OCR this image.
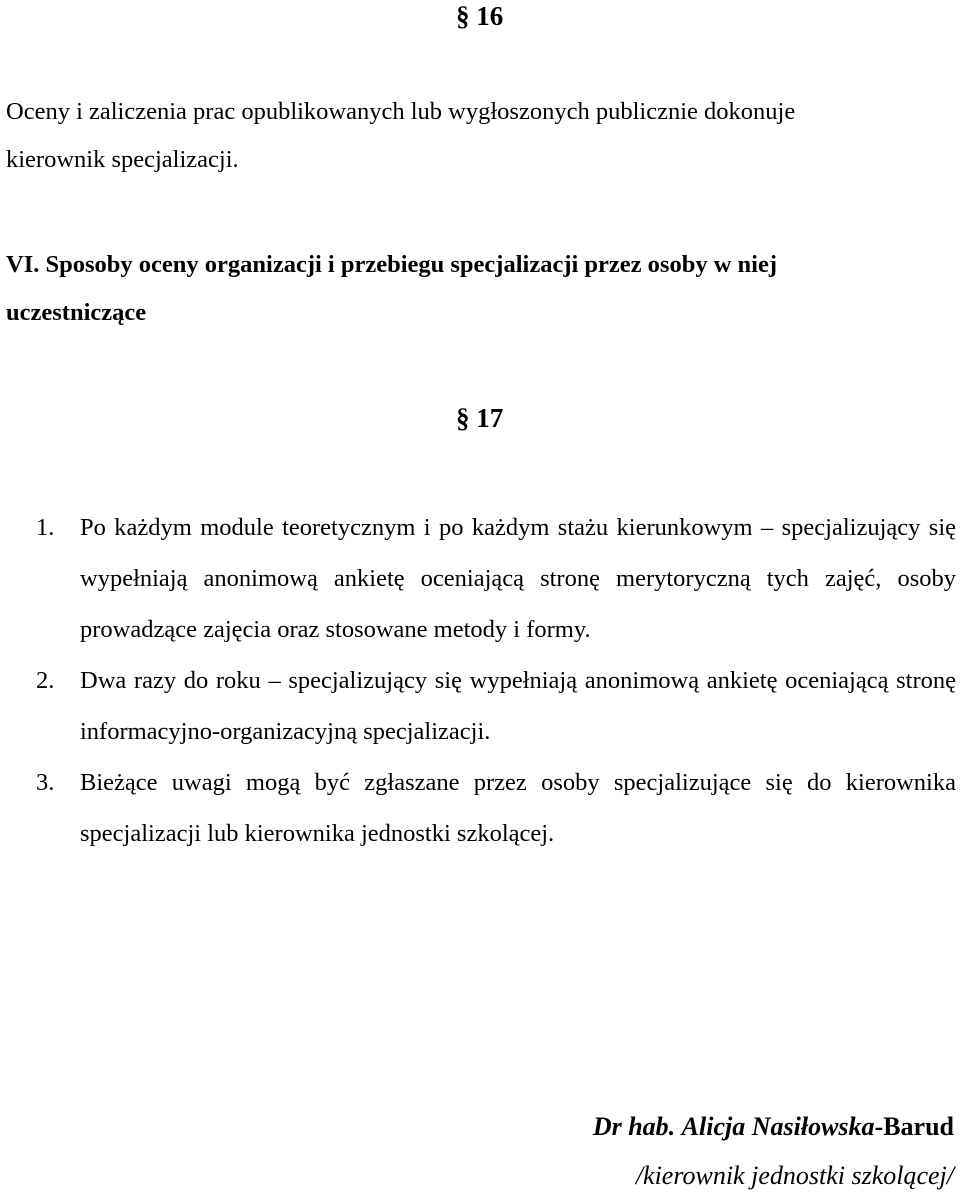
§ 16
Oceny i zaliczenia prac opublikowanych lub wygłoszonych publicznie dokonuje
kierownik specjalizacji.
VI. Sposoby oceny organizacji i przebiegu specjalizacji przez osoby w niej
uczestniczące
§ 17
1. Po każdym module teoretycznym i po każdym stażu kierunkowym – specjalizujący się wypełniają anonimową ankietę oceniającą stronę merytoryczną tych zajęć, osoby prowadzące zajęcia oraz stosowane metody i formy.
2. Dwa razy do roku – specjalizujący się wypełniają anonimową ankietę oceniającą stronę informacyjno-organizacyjną specjalizacji.
3. Bieżące uwagi mogą być zgłaszane przez osoby specjalizujące się do kierownika specjalizacji lub kierownika jednostki szkolącej.
Dr hab. Alicja Nasiłowska-Barud
/kierownik jednostki szkolącej/
